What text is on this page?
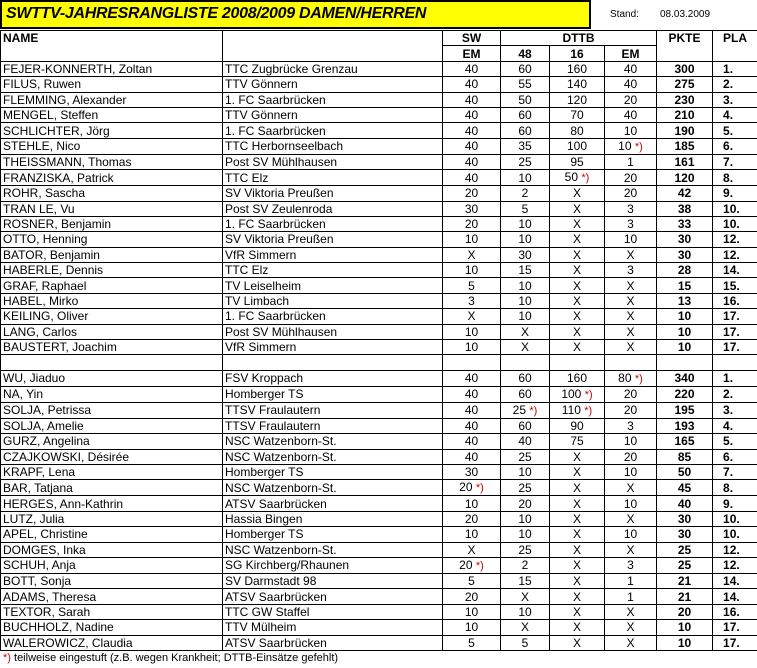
SWTTV-JAHRESRANGLISTE 2008/2009 DAMEN/HERREN	Stand: 08.03.2009
NAME		SW	DTTB			PKTE	PLA
		EM	48	16	EM		
FEJER-KONNERTH, Zoltan	TTC Zugbrücke Grenzau	40	60	160	40	300	1.
FILUS, Ruwen	TTV Gönnern	40	55	140	40	275	2.
FLEMMING, Alexander	1. FC Saarbrücken	40	50	120	20	230	3.
MENGEL, Steffen	TTV Gönnern	40	60	70	40	210	4.
SCHLICHTER, Jörg	1. FC Saarbrücken	40	60	80	10	190	5.
STEHLE, Nico	TTC Herbornseelbach	40	35	100	10 *)	185	6.
THEISSMANN, Thomas	Post SV Mühlhausen	40	25	95	1	161	7.
FRANZISKA, Patrick	TTC Elz	40	10	50 *)	20	120	8.
ROHR, Sascha	SV Viktoria Preußen	20	2	X	20	42	9.
TRAN LE, Vu	Post SV Zeulenroda	30	5	X	3	38	10.
ROSNER, Benjamin	1. FC Saarbrücken	20	10	X	3	33	10.
OTTO, Henning	SV Viktoria Preußen	10	10	X	10	30	12.
BATOR, Benjamin	VfR Simmern	X	30	X	X	30	12.
HABERLE, Dennis	TTC Elz	10	15	X	3	28	14.
GRAF, Raphael	TV Leiselheim	5	10	X	X	15	15.
HABEL, Mirko	TV Limbach	3	10	X	X	13	16.
KEILING, Oliver	1. FC Saarbrücken	X	10	X	X	10	17.
LANG, Carlos	Post SV Mühlhausen	10	X	X	X	10	17.
BAUSTERT, Joachim	VfR Simmern	10	X	X	X	10	17.

WU, Jiaduo	FSV Kroppach	40	60	160	80 *)	340	1.
NA, Yin	Homberger TS	40	60	100 *)	20	220	2.
SOLJA, Petrissa	TTSV Fraulautern	40	25 *)	110 *)	20	195	3.
SOLJA, Amelie	TTSV Fraulautern	40	60	90	3	193	4.
GURZ, Angelina	NSC Watzenborn-St.	40	40	75	10	165	5.
CZAJKOWSKI, Désirée	NSC Watzenborn-St.	40	25	X	20	85	6.
KRAPF, Lena	Homberger TS	30	10	X	10	50	7.
BAR, Tatjana	NSC Watzenborn-St.	20 *)	25	X	X	45	8.
HERGES, Ann-Kathrin	ATSV Saarbrücken	10	20	X	10	40	9.
LUTZ, Julia	Hassia Bingen	20	10	X	X	30	10.
APEL, Christine	Homberger TS	10	10	X	10	30	10.
DOMGES, Inka	NSC Watzenborn-St.	X	25	X	X	25	12.
SCHUH, Anja	SG Kirchberg/Rhaunen	20 *)	2	X	3	25	12.
BOTT, Sonja	SV Darmstadt 98	5	15	X	1	21	14.
ADAMS, Theresa	ATSV Saarbrücken	20	X	X	1	21	14.
TEXTOR, Sarah	TTC GW Staffel	10	10	X	X	20	16.
BUCHHOLZ, Nadine	TTV Mülheim	10	X	X	X	10	17.
WALEROWICZ, Claudia	ATSV Saarbrücken	5	5	X	X	10	17.
*) teilweise eingestuft (z.B. wegen Krankheit; DTTB-Einsätze gefehlt)
